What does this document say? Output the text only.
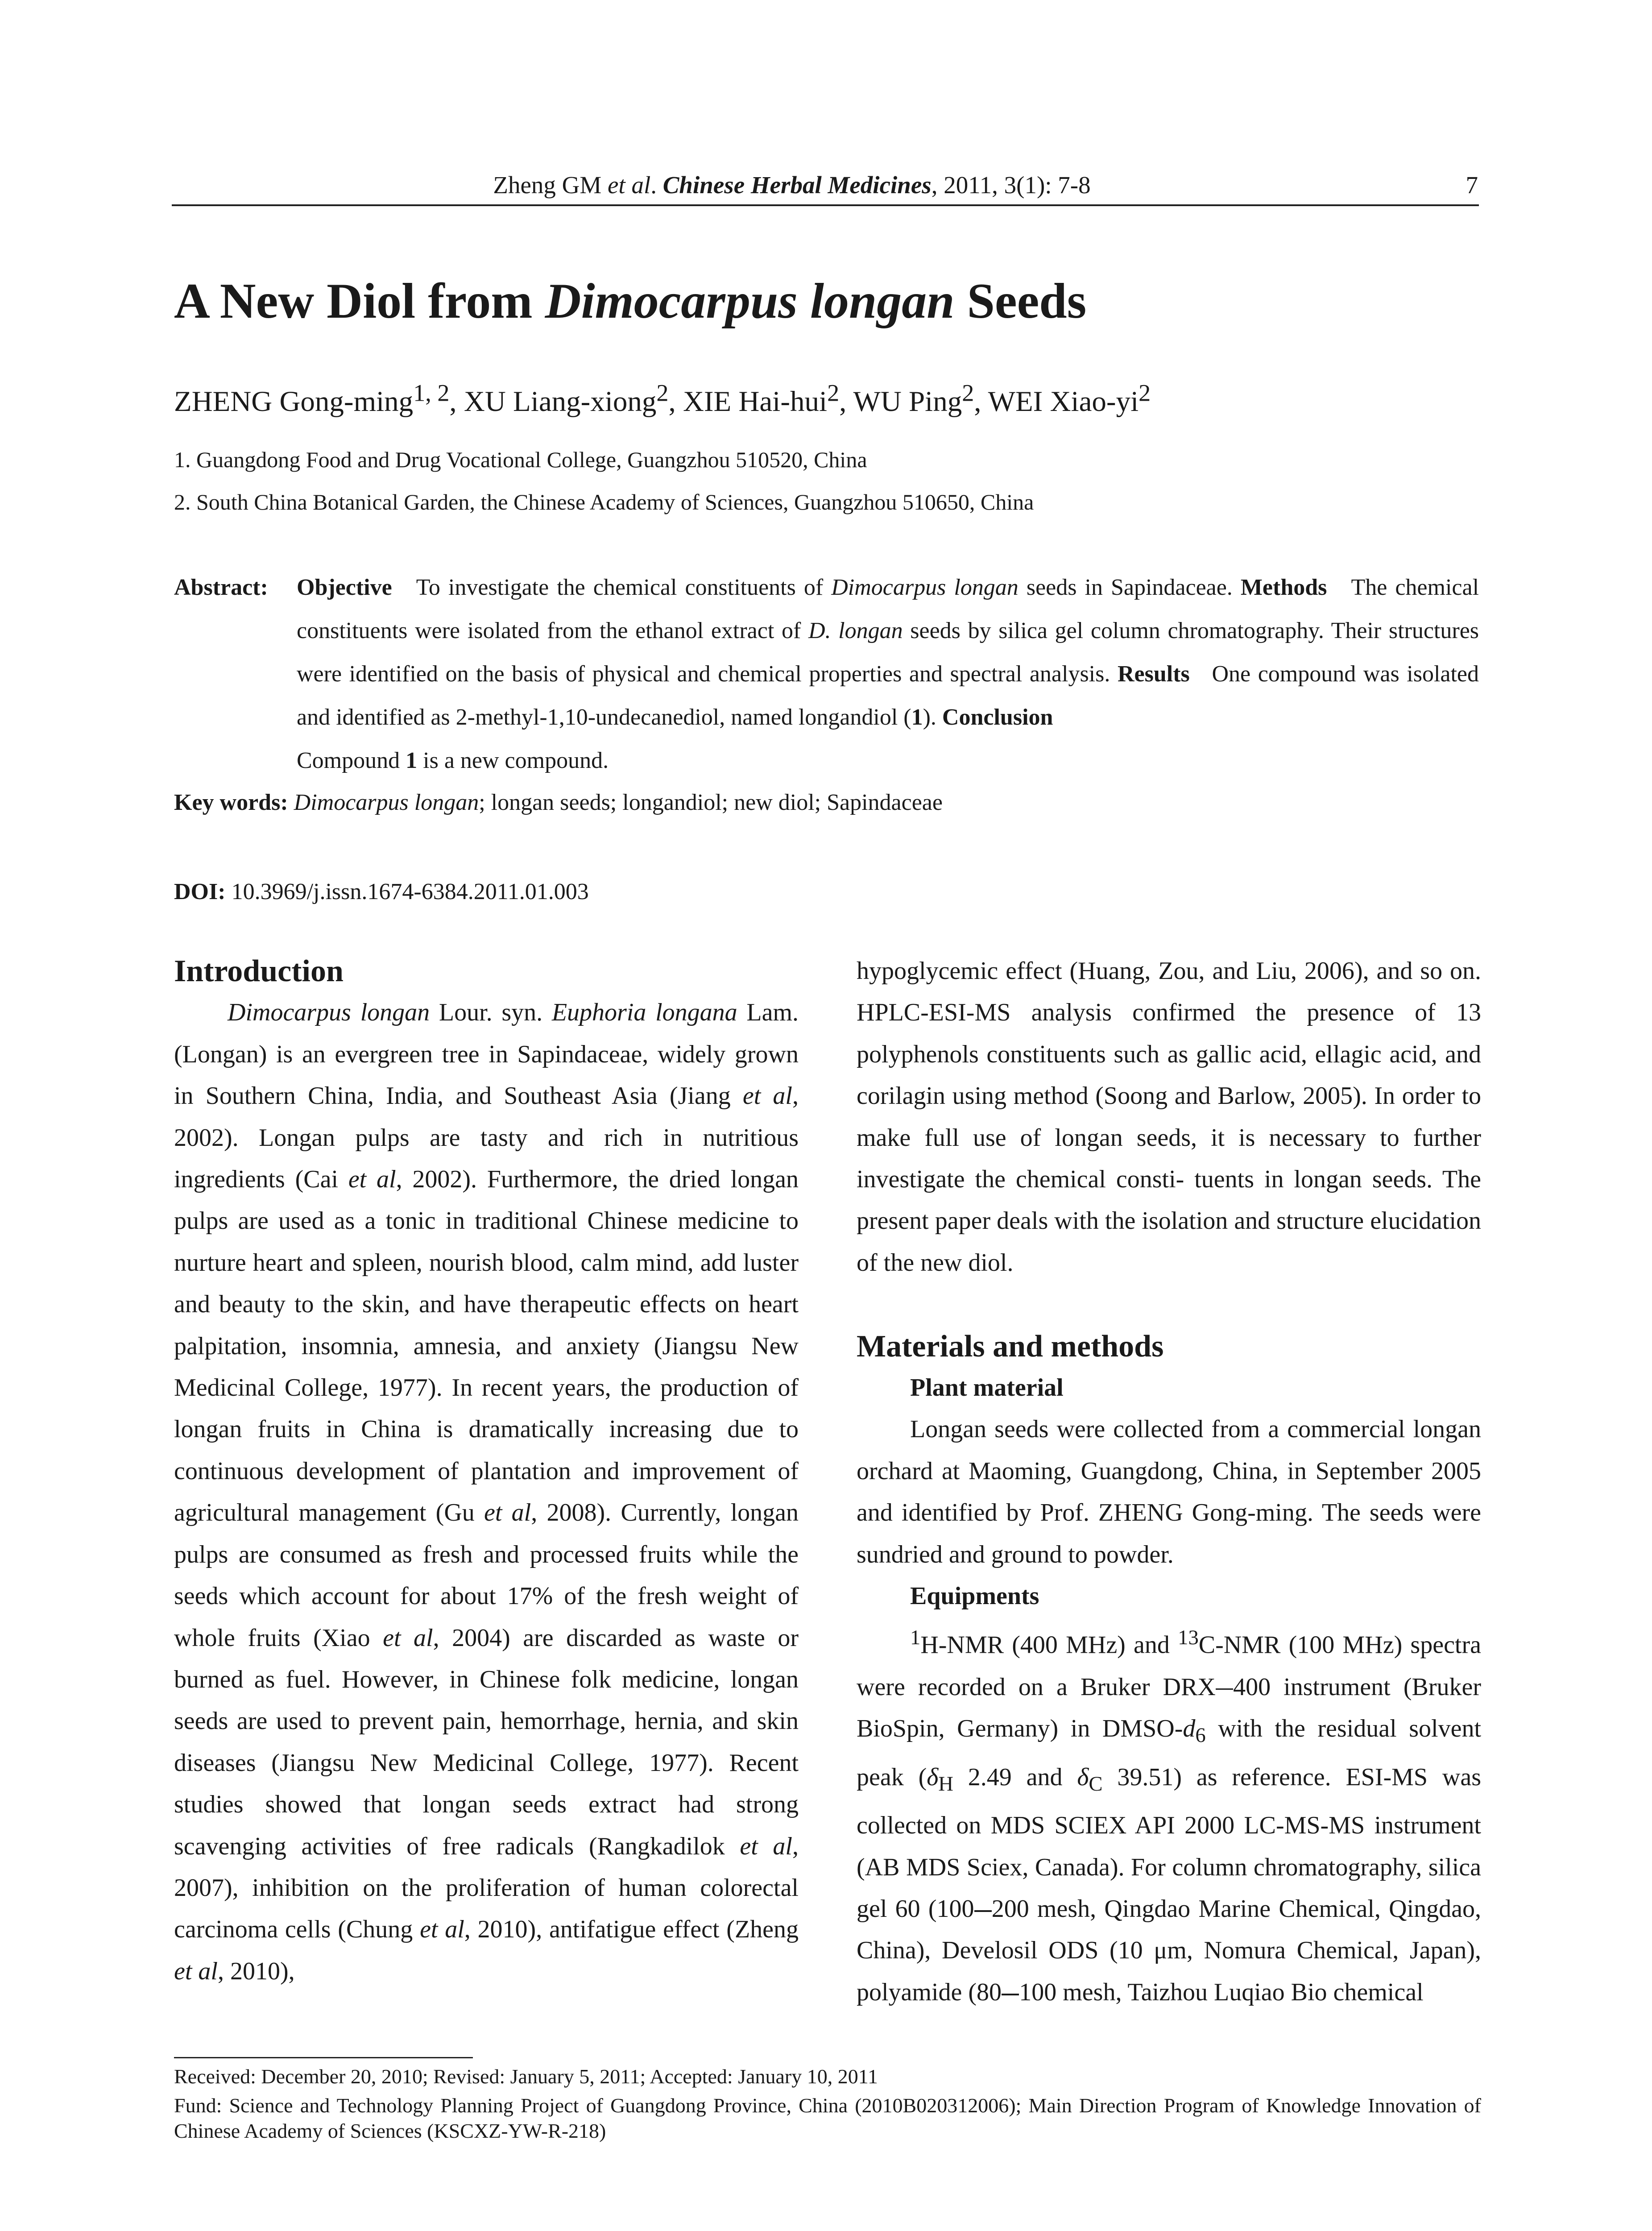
Zheng GM et al. Chinese Herbal Medicines, 2011, 3(1): 7-8	7
A New Diol from Dimocarpus longan Seeds
ZHENG Gong-ming$^{1, 2}$, XU Liang-xiong$^2$, XIE Hai-hui$^2$, WU Ping$^2$, WEI Xiao-$yi^2$
1. Guangdong Food and Drug Vocational College, Guangzhou 510520, China
2. South China Botanical Garden, the Chinese Academy of Sciences, Guangzhou 510650, China
Abstract: Objective To investigate the chemical constituents of Dimocarpus longan seeds in Sapindaceae. Methods The chemical constituents were isolated from the ethanol extract of D. longan seeds by silica gel column chromatography. Their structures were identified on the basis of physical and chemical properties and spectral analysis. Results One compound was isolated and identified as 2-methyl-1,10-undecanediol, named longandiol (1). Conclusion

Compound 1 is a new compound.

Key words: Dimocarpus longan; longan seeds; longandiol; new diol; Sapindaceae
DOI: 10.3969/j.issn.1674-6384.2011.01.003

Introduction

Dimocarpus longan Lour. syn. Euphoria longana Lam. (Longan) is an evergreen tree in Sapindaceae, widely grown in Southern China, India, and Southeast Asia (Jiang et al, 2002). Longan pulps are tasty and rich in nutritious ingredients (Cai et al, 2002). Furthermore, the dried longan pulps are used as a tonic in traditional Chinese medicine to nurture heart and spleen, nourish blood, calm mind, add luster and beauty to the skin, and have therapeutic effects on heart palpitation, insomnia, amnesia, and anxiety (Jiangsu New Medicinal College, 1977). In recent years, the production of longan fruits in China is dramatically increasing due to continuous development of plantation and improvement of agricultural management (Gu et al, 2008). Currently, longan pulps are consumed as fresh and processed fruits while the seeds which account for about 17% of the fresh weight of whole fruits (Xiao et al, 2004) are discarded as waste or burned as fuel. However, in Chinese folk medicine, longan seeds are used to prevent pain, hemorrhage, hernia, and skin diseases (Jiangsu New Medicinal College, 1977). Recent studies showed that longan seeds extract had strong scavenging activities of free radicals (Rangkadilok et al, 2007), inhibition on the proliferation of human colorectal carcinoma cells (Chung et al, 2010), antifatigue effect (Zheng et al, 2010),

hypoglycemic effect (Huang, Zou, and Liu, 2006), and so on. HPLC-ESI-MS analysis confirmed the presence of 13 polyphenols constituents such as gallic acid, ellagic acid, and corilagin using method (Soong and Barlow, 2005). In order to make full use of longan seeds, it is necessary to further investigate the chemical consti- tuents in longan seeds. The present paper deals with the isolation and structure elucidation of the new diol.

Materials and methods

Plant material

Longan seeds were collected from a commercial longan orchard at Maoming, Guangdong, China, in September 2005 and identified by Prof. ZHENG Gong-ming. The seeds were sundried and ground to powder.

Equipments

$^1$H-NMR (400 MHz) and $^{13}$C-NMR (100 MHz) spectra were recorded on a Bruker DRX 400 instrument (Bruker BioSpin, Germany) in DMSO-$d_6$ with the residual solvent peak ($\delta_H$ 2.49 and $\delta_C$ 39.51) as reference. ESI-MS was collected on MDS SCIEX API 2000 LC-MS-MS instrument (AB MDS Sciex, Canada). For column chromatography, silica gel 60 (100 200 mesh, Qingdao Marine Chemical, Qingdao, China), Develosil ODS (10 μm, Nomura Chemical, Japan), polyamide (80 100 mesh, Taizhou Luqiao Bio chemical

Received: December 20, 2010; Revised: January 5, 2011; Accepted: January 10, 2011
Fund: Science and Technology Planning Project of Guangdong Province, China (2010B020312006); Main Direction Program of Knowledge Innovation of Chinese Academy of Sciences (KSCXZ-YW-R-218)
